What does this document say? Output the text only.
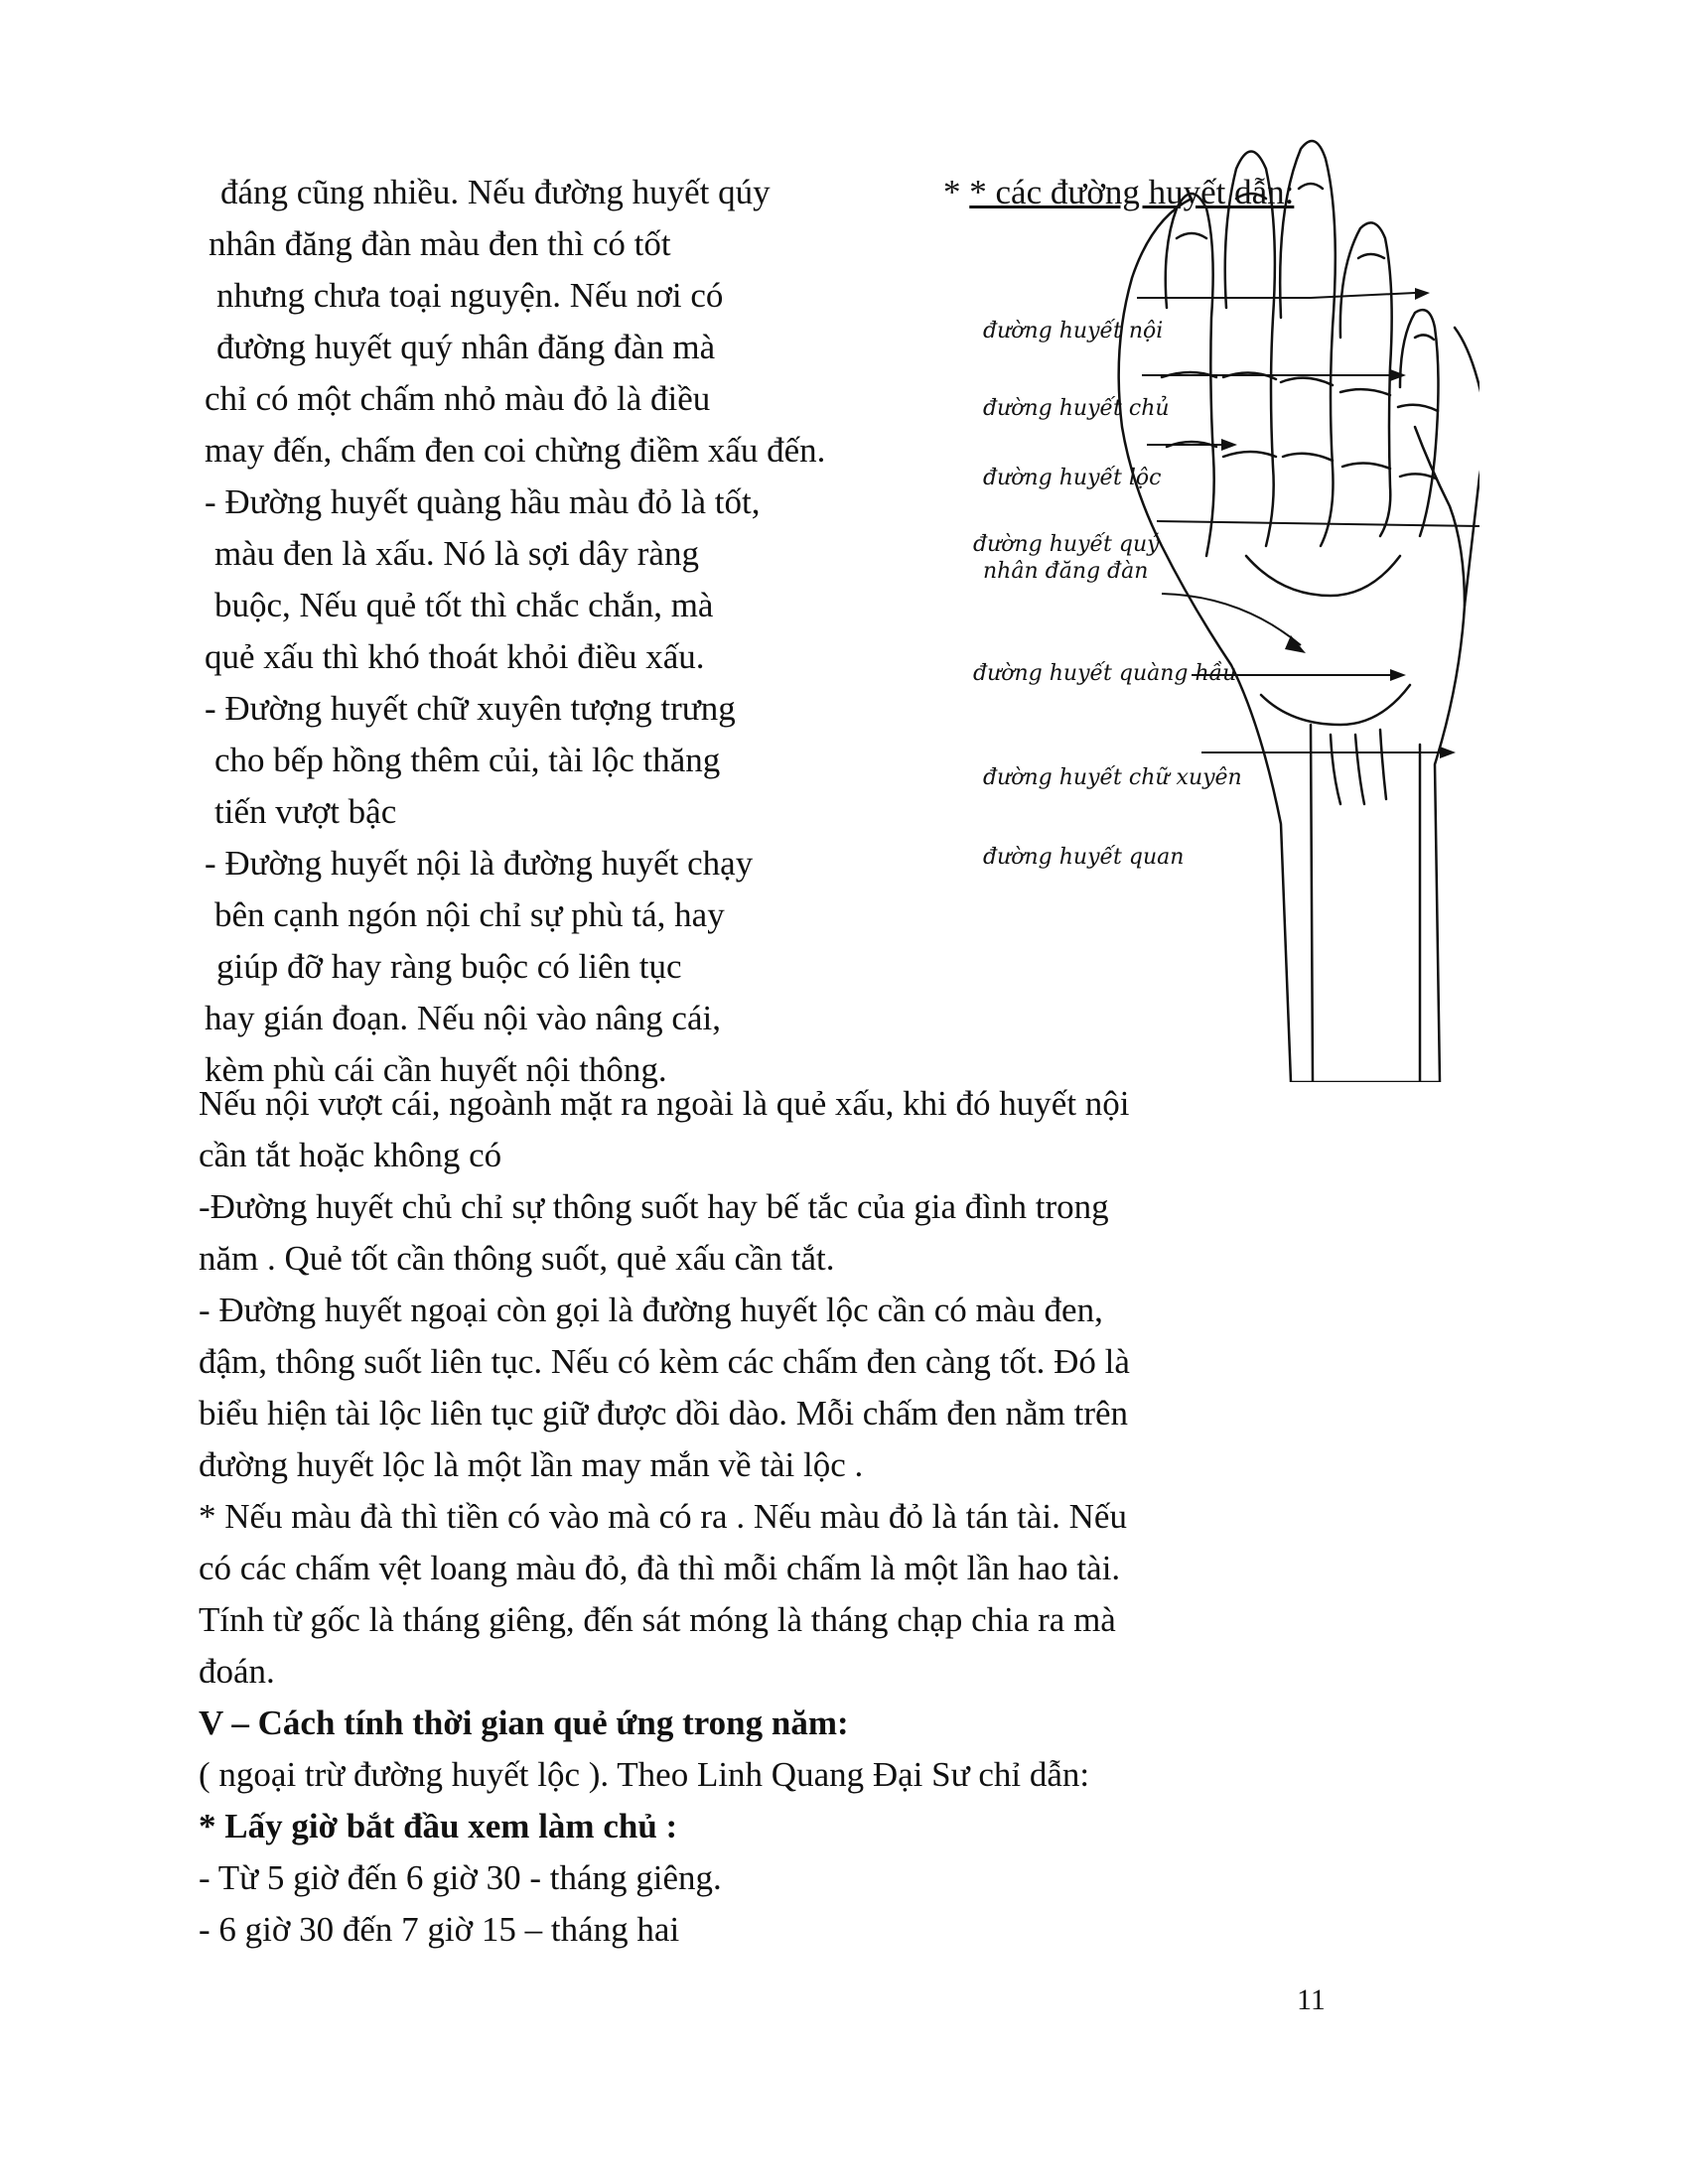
đáng cũng nhiều. Nếu đường huyết qúy
nhân đăng đàn màu đen thì có tốt
nhưng chưa toại nguyện. Nếu nơi có
đường huyết quý nhân đăng đàn mà
chỉ có một chấm nhỏ màu đỏ là điều
may đến, chấm đen coi chừng điềm xấu đến.
- Đường huyết quàng hầu màu đỏ là tốt,
màu đen là xấu. Nó là sợi dây ràng
buộc, Nếu quẻ tốt thì chắc chắn, mà
quẻ xấu thì khó thoát khỏi điều xấu.
- Đường huyết chữ xuyên tượng trưng
cho bếp hồng thêm củi, tài lộc thăng
tiến vượt bậc
- Đường huyết nội là đường huyết chạy
bên cạnh ngón nội chỉ sự phù tá, hay
giúp đỡ hay ràng buộc có liên tục
hay gián đoạn. Nếu nội vào nâng cái,
kèm phù cái cần huyết nội thông.
* * các đường huyết dẫn:
đường huyết nội
đường huyết chủ
đường huyết lộc
đường huyết quý
nhân đăng đàn
đường huyết quàng hầu
đường huyết chữ xuyên
đường huyết quan
Nếu nội vượt cái, ngoành mặt ra ngoài là quẻ xấu, khi đó huyết nội
cần tắt hoặc không có
-Đường huyết chủ chỉ sự thông suốt hay bế tắc của gia đình trong
năm . Quẻ tốt cần thông suốt, quẻ xấu cần tắt.
- Đường huyết ngoại còn gọi là đường huyết lộc cần có màu đen,
đậm, thông suốt liên tục. Nếu có kèm các chấm đen càng tốt. Đó là
biểu hiện tài lộc liên tục giữ được dồi dào. Mỗi chấm đen nằm trên
đường huyết lộc là một lần may mắn về tài lộc .
* Nếu màu đà thì tiền có vào mà có ra . Nếu màu đỏ là tán tài. Nếu
có các chấm vệt loang màu đỏ, đà thì mỗi chấm là một lần hao tài.
Tính từ gốc là tháng giêng, đến sát móng là tháng chạp chia ra mà
đoán.
V – Cách tính thời gian quẻ ứng trong năm:
( ngoại trừ đường huyết lộc ). Theo Linh Quang Đại Sư chỉ dẫn:
* Lấy giờ bắt đầu xem làm chủ :
- Từ 5 giờ đến 6 giờ 30 - tháng giêng.
- 6 giờ 30 đến 7 giờ 15 – tháng hai
11
